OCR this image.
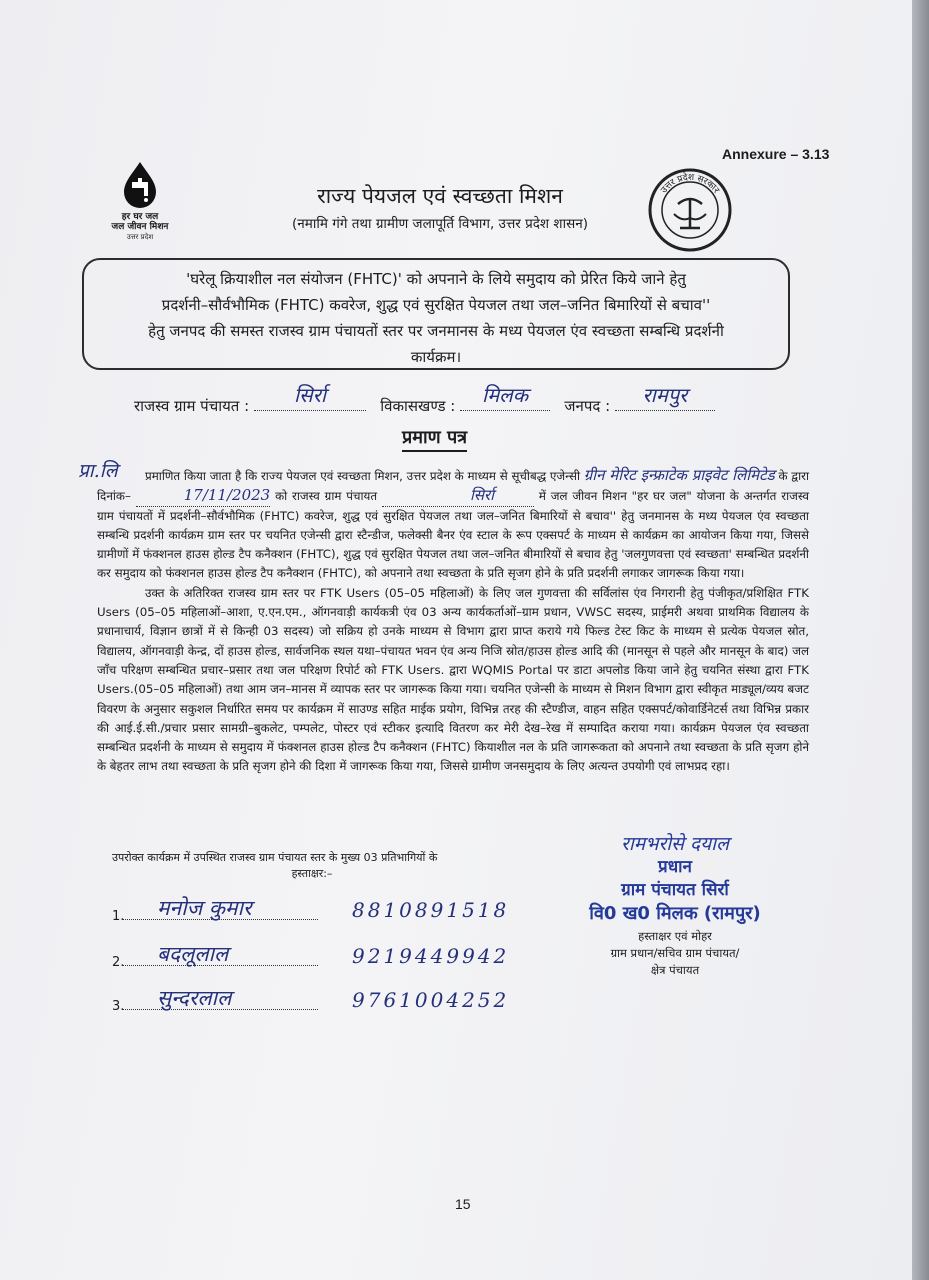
Annexure – 3.13
हर घर जल
जल जीवन मिशन
उत्तर प्रदेश
राज्य पेयजल एवं स्वच्छता मिशन
(नमामि गंगे तथा ग्रामीण जलापूर्ति विभाग, उत्तर प्रदेश शासन)
उत्तर प्रदेश सरकार
'घरेलू क्रियाशील नल संयोजन (FHTC)' को अपनाने के लिये समुदाय को प्रेरित किये जाने हेतु
प्रदर्शनी–सौर्वभौमिक (FHTC) कवरेज, शुद्ध एवं सुरक्षित पेयजल तथा जल–जनित बिमारियों से बचाव''
हेतु जनपद की समस्त राजस्व ग्राम पंचायतों स्तर पर जनमानस के मध्य पेयजल एंव स्वच्छता सम्बन्धि प्रदर्शनी
कार्यक्रम।
राजस्व ग्राम पंचायत :	सिर्रा	विकासखण्ड :	मिलक	जनपद :	रामपुर
प्रमाण पत्र
प्रा.लि	प्रमाणित किया जाता है कि राज्य पेयजल एवं स्वच्छता मिशन, उत्तर प्रदेश के माध्यम से सूचीबद्ध एजेन्सी ग्रीन मेरिट इन्फ्राटेक प्राइवेट लिमिटेड के द्वारा दिनांक–	17/11/2023 को राजस्व ग्राम पंचायत	सिर्रा	में जल जीवन मिशन "हर घर जल" योजना के अन्तर्गत राजस्व ग्राम पंचायतों में प्रदर्शनी–सौर्वभौमिक (FHTC) कवरेज, शुद्ध एवं सुरक्षित पेयजल तथा जल–जनित बिमारियों से बचाव'' हेतु जनमानस के मध्य पेयजल एंव स्वच्छता सम्बन्धि प्रदर्शनी कार्यक्रम ग्राम स्तर पर चयनित एजेन्सी द्वारा स्टैन्डीज, फलेक्सी बैनर एंव स्टाल के रूप एक्सपर्ट के माध्यम से कार्यक्रम का आयोजन किया गया, जिससे ग्रामीणों में फंक्शनल हाउस होल्ड टैप कनैक्शन (FHTC), शुद्ध एवं सुरक्षित पेयजल तथा जल–जनित बीमारियों से बचाव हेतु 'जलगुणवत्ता एवं स्वच्छता' सम्बन्धित प्रदर्शनी कर समुदाय को फंक्शनल हाउस होल्ड टैप कनैक्शन (FHTC), को अपनाने तथा स्वच्छता के प्रति सृजग होने के प्रति प्रदर्शनी लगाकर जागरूक किया गया।

उक्त के अतिरिक्त राजस्व ग्राम स्तर पर FTK Users (05–05 महिलाओं) के लिए जल गुणवत्ता की सर्विलांस एंव निगरानी हेतु पंजीकृत/प्रशिक्षित FTK Users (05–05 महिलाओं–आशा, ए.एन.एम., ऑगनवाड़ी कार्यकत्री एंव 03 अन्य कार्यकर्ताओं–ग्राम प्रधान, VWSC सदस्य, प्राईमरी अथवा प्राथमिक विद्यालय के प्रधानाचार्य, विज्ञान छात्रों में से किन्ही 03 सदस्य) जो सक्रिय हो उनके माध्यम से विभाग द्वारा प्राप्त कराये गये फिल्ड टेस्ट किट के माध्यम से प्रत्येक पेयजल स्रोत, विद्यालय, ऑगनवाड़ी केन्द्र, दों हाउस होल्ड, सार्वजनिक स्थल यथा–पंचायत भवन एंव अन्य निजि स्रोत/हाउस होल्ड आदि की (मानसून से पहले और मानसून के बाद) जल जाँच परिक्षण सम्बन्धित प्रचार–प्रसार तथा जल परिक्षण रिपोर्ट को FTK Users. द्वारा WQMIS Portal पर डाटा अपलोड किया जाने हेतु चयनित संस्था द्वारा FTK Users.(05–05 महिलाओं) तथा आम जन–मानस में व्यापक स्तर पर जागरूक किया गया। चयनित एजेन्सी के माध्यम से मिशन विभाग द्वारा स्वीकृत माड्यूल/व्यय बजट विवरण के अनुसार सकुशल निर्धारित समय पर कार्यक्रम में साउण्ड सहित माईक प्रयोग, विभिन्न तरह की स्टैण्डीज, वाहन सहित एक्सपर्ट/कोवार्डिनेटर्स तथा विभिन्न प्रकार की आई.ई.सी./प्रचार प्रसार सामग्री–बुकलेट, पम्पलेट, पोस्टर एवं स्टीकर इत्यादि वितरण कर मेरी देख–रेख में सम्पादित कराया गया। कार्यक्रम पेयजल एंव स्वच्छता सम्बन्धित प्रदर्शनी के माध्यम से समुदाय में फंक्शनल हाउस होल्ड टैप कनैक्शन (FHTC) कियाशील नल के प्रति जागरूकता को अपनाने तथा स्वच्छता के प्रति सृजग होने के बेहतर लाभ तथा स्वच्छता के प्रति सृजग होने की दिशा में जागरूक किया गया, जिससे ग्रामीण जनसमुदाय के लिए अत्यन्त उपयोगी एवं लाभप्रद रहा।

उपरोक्त कार्यक्रम में उपस्थित राजस्व ग्राम पंचायत स्तर के मुख्य 03 प्रतिभागियों के
हस्ताक्षर:–
1. मनोज कुमार	8810891518
2. बदलूलाल	9219449942
3. सुन्दरलाल	9761004252
रामभरोसे दयाल
प्रधान
ग्राम पंचायत सिर्रा
वि0 ख0 मिलक (रामपुर)
हस्ताक्षर एवं मोहर
ग्राम प्रधान/सचिव ग्राम पंचायत/
क्षेत्र पंचायत
15
